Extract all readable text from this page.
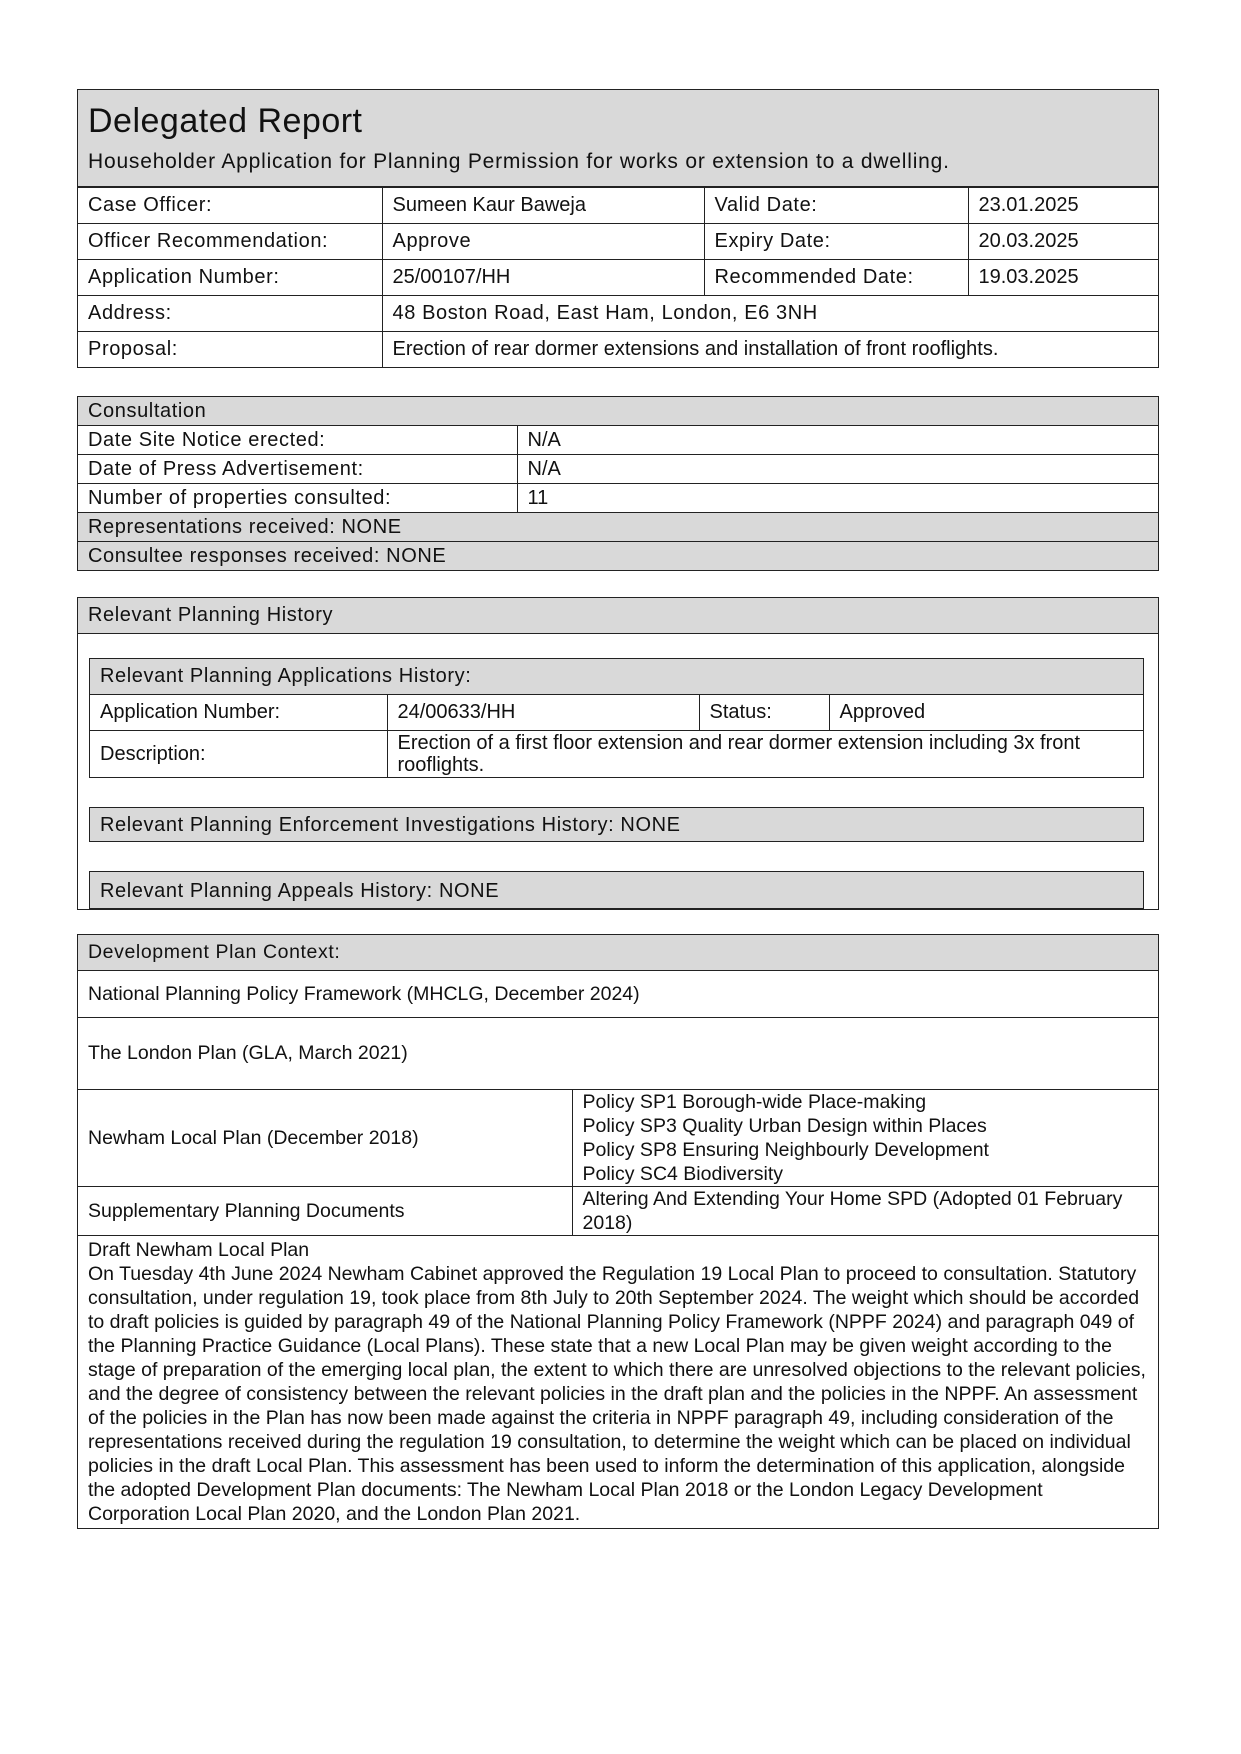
Delegated Report
Householder Application for Planning Permission for works or extension to a dwelling.
Case Officer:	Sumeen Kaur Baweja	Valid Date:	23.01.2025
Officer Recommendation:	Approve	Expiry Date:	20.03.2025
Application Number:	25/00107/HH	Recommended Date:	19.03.2025
Address:	48 Boston Road, East Ham, London, E6 3NH		
Proposal:	Erection of rear dormer extensions and installation of front rooflights.		
Consultation	
Date Site Notice erected:	N/A
Date of Press Advertisement:	N/A
Number of properties consulted:	11
Representations received: NONE	
Consultee responses received: NONE	
Relevant Planning History
Relevant Planning Applications History:			
Application Number:	24/00633/HH	Status:	Approved
Description:	Erection of a first floor extension and rear dormer extension including 3x front rooflights.		
Relevant Planning Enforcement Investigations History: NONE
Relevant Planning Appeals History: NONE
Development Plan Context:	
National Planning Policy Framework (MHCLG, December 2024)	
The London Plan (GLA, March 2021)	
Newham Local Plan (December 2018)	Policy SP1 Borough-wide Place-making
Policy SP3 Quality Urban Design within Places
Policy SP8 Ensuring Neighbourly Development
Policy SC4 Biodiversity

Supplementary Planning Documents	Altering And Extending Your Home SPD (Adopted 01 February 2018)

Draft Newham Local Plan
On Tuesday 4th June 2024 Newham Cabinet approved the Regulation 19 Local Plan to proceed to consultation. Statutory consultation, under regulation 19, took place from 8th July to 20th September 2024. The weight which should be accorded to draft policies is guided by paragraph 49 of the National Planning Policy Framework (NPPF 2024) and paragraph 049 of the Planning Practice Guidance (Local Plans). These state that a new Local Plan may be given weight according to the stage of preparation of the emerging local plan, the extent to which there are unresolved objections to the relevant policies, and the degree of consistency between the relevant policies in the draft plan and the policies in the NPPF. An assessment of the policies in the Plan has now been made against the criteria in NPPF paragraph 49, including consideration of the representations received during the regulation 19 consultation, to determine the weight which can be placed on individual policies in the draft Local Plan. This assessment has been used to inform the determination of this application, alongside the adopted Development Plan documents: The Newham Local Plan 2018 or the London Legacy Development Corporation Local Plan 2020, and the London Plan 2021.	
